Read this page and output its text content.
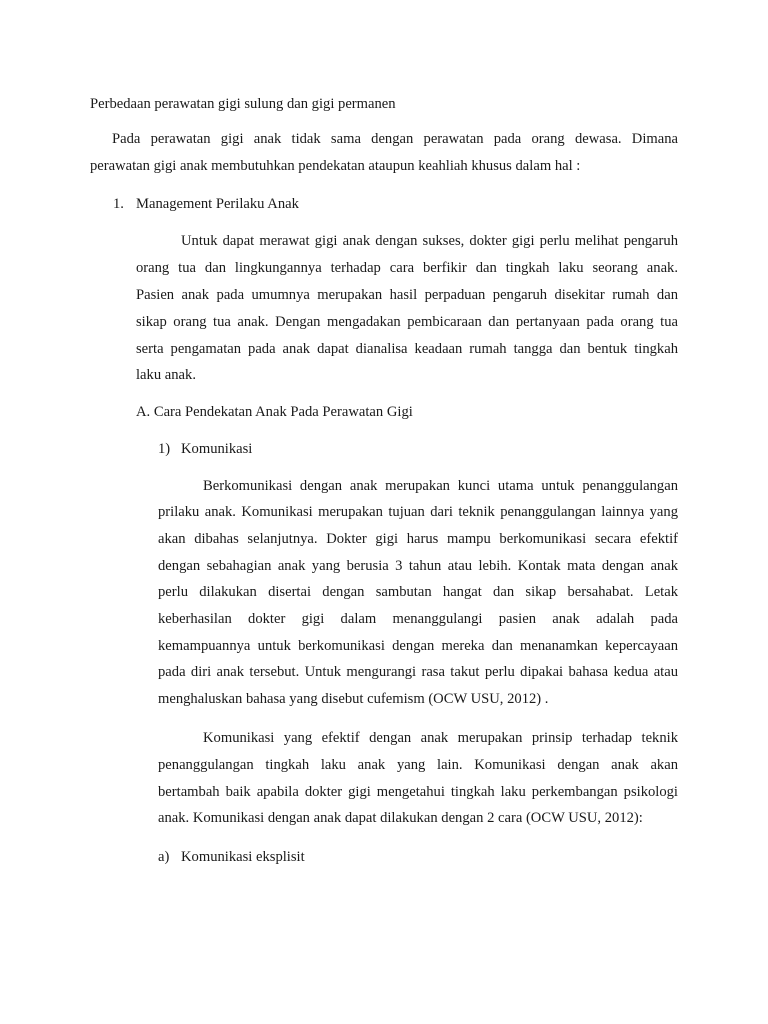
Perbedaan perawatan gigi sulung dan gigi permanen
Pada perawatan gigi anak tidak sama dengan perawatan pada orang dewasa. Dimana
perawatan gigi anak membutuhkan pendekatan ataupun keahliah khusus dalam hal :
1. Management Perilaku Anak
Untuk dapat merawat gigi anak dengan sukses, dokter gigi perlu melihat pengaruh
orang tua dan lingkungannya terhadap cara berfikir dan tingkah laku seorang anak.
Pasien anak pada umumnya merupakan hasil perpaduan pengaruh disekitar rumah dan
sikap orang tua anak. Dengan mengadakan pembicaraan dan pertanyaan pada orang tua
serta pengamatan pada anak dapat dianalisa keadaan rumah tangga dan bentuk tingkah
laku anak.
A. Cara Pendekatan Anak Pada Perawatan Gigi
1) Komunikasi
Berkomunikasi dengan anak merupakan kunci utama untuk penanggulangan
prilaku anak. Komunikasi merupakan tujuan dari teknik penanggulangan lainnya yang
akan dibahas selanjutnya. Dokter gigi harus mampu berkomunikasi secara efektif
dengan sebahagian anak yang berusia 3 tahun atau lebih. Kontak mata dengan anak
perlu dilakukan disertai dengan sambutan hangat dan sikap bersahabat. Letak
keberhasilan dokter gigi dalam menanggulangi pasien anak adalah pada
kemampuannya untuk berkomunikasi dengan mereka dan menanamkan kepercayaan
pada diri anak tersebut. Untuk mengurangi rasa takut perlu dipakai bahasa kedua atau
menghaluskan bahasa yang disebut cufemism (OCW USU, 2012) .
Komunikasi yang efektif dengan anak merupakan prinsip terhadap teknik
penanggulangan tingkah laku anak yang lain. Komunikasi dengan anak akan
bertambah baik apabila dokter gigi mengetahui tingkah laku perkembangan psikologi
anak. Komunikasi dengan anak dapat dilakukan dengan 2 cara (OCW USU, 2012):
a) Komunikasi eksplisit
